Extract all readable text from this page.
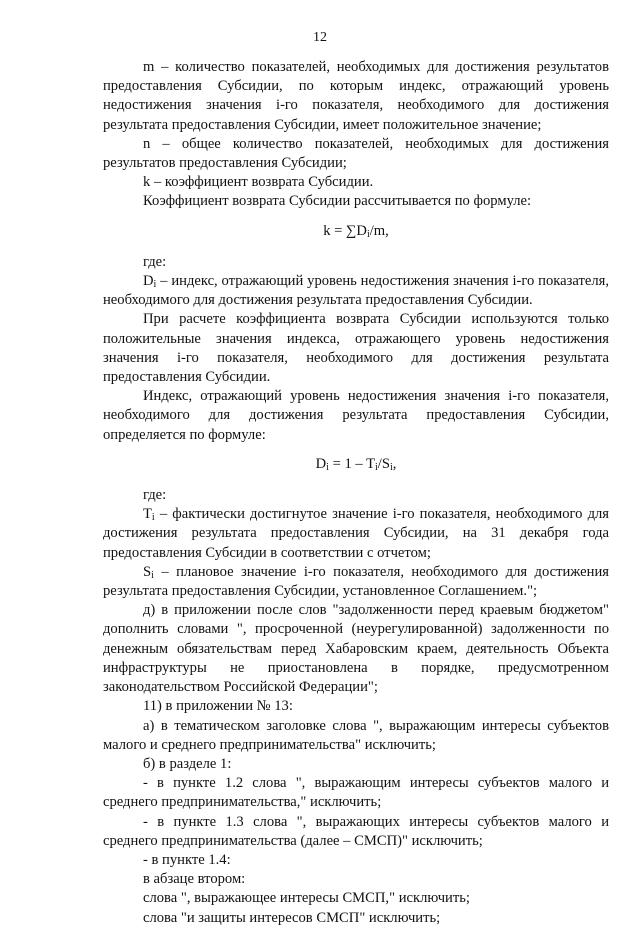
12

m – количество показателей, необходимых для достижения результатов предоставления Субсидии, по которым индекс, отражающий уровень недостижения значения i-го показателя, необходимого для достижения результата предоставления Субсидии, имеет положительное значение;

n – общее количество показателей, необходимых для достижения результатов предоставления Субсидии;

k – коэффициент возврата Субсидии.

Коэффициент возврата Субсидии рассчитывается по формуле:

$k = \sum D_i/m$,

где:

$D_i$ – индекс, отражающий уровень недостижения значения i-го показателя, необходимого для достижения результата предоставления Субсидии.

При расчете коэффициента возврата Субсидии используются только положительные значения индекса, отражающего уровень недостижения значения i-го показателя, необходимого для достижения результата предоставления Субсидии.

Индекс, отражающий уровень недостижения значения i-го показателя, необходимого для достижения результата предоставления Субсидии, определяется по формуле:

$D_i = 1 - T_i/S_i$,

где:

$T_i$ – фактически достигнутое значение i-го показателя, необходимого для достижения результата предоставления Субсидии, на 31 декабря года предоставления Субсидии в соответствии с отчетом;

$S_i$ – плановое значение i-го показателя, необходимого для достижения результата предоставления Субсидии, установленное Соглашением.";

д) в приложении после слов "задолженности перед краевым бюджетом" дополнить словами ", просроченной (неурегулированной) задолженности по денежным обязательствам перед Хабаровским краем, деятельность Объекта инфраструктуры не приостановлена в порядке, предусмотренном законодательством Российской Федерации";

11) в приложении № 13:

а) в тематическом заголовке слова ", выражающим интересы субъектов малого и среднего предпринимательства" исключить;

б) в разделе 1:

- в пункте 1.2 слова ", выражающим интересы субъектов малого и среднего предпринимательства," исключить;

- в пункте 1.3 слова ", выражающих интересы субъектов малого и среднего предпринимательства (далее – СМСП)" исключить;

- в пункте 1.4:

в абзаце втором:

слова ", выражающее интересы СМСП," исключить;

слова "и защиты интересов СМСП" исключить;
